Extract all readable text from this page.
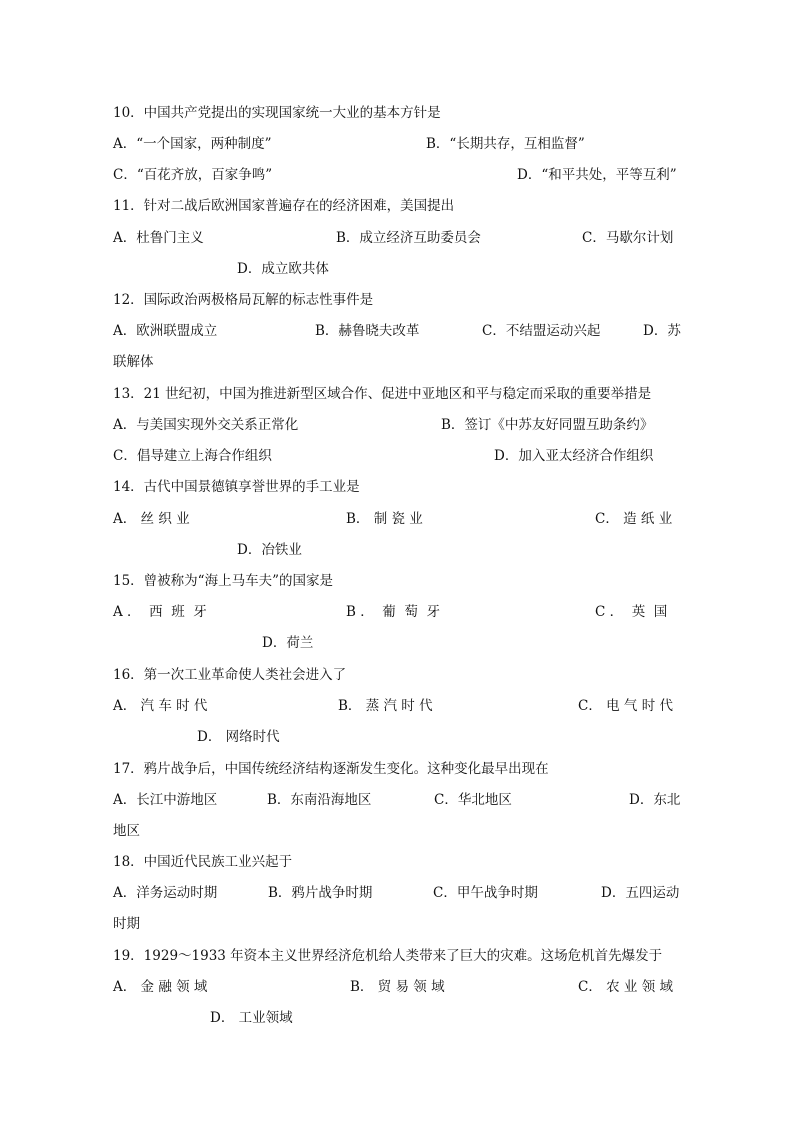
10．中国共产党提出的实现国家统一大业的基本方针是
A．“一个国家，两种制度”	B．“长期共存，互相监督”
C．“百花齐放，百家争鸣”	D．“和平共处，平等互利”
11．针对二战后欧洲国家普遍存在的经济困难，美国提出
A．杜鲁门主义	B．成立经济互助委员会	C．马歇尔计划
D．成立欧共体
12．国际政治两极格局瓦解的标志性事件是
A．欧洲联盟成立	B．赫鲁晓夫改革	C．不结盟运动兴起	D．苏
联解体
13．21 世纪初，中国为推进新型区域合作、促进中亚地区和平与稳定而采取的重要举措是
A．与美国实现外交关系正常化	B．签订《中苏友好同盟互助条约》
C．倡导建立上海合作组织	D．加入亚太经济合作组织
14．古代中国景德镇享誉世界的手工业是
A． 丝 织 业	B． 制 瓷 业	C． 造 纸 业
D．冶铁业
15．曾被称为“海上马车夫”的国家是
A ．  西  班  牙	B ．  葡  萄  牙	C ．  英  国
D．荷兰
16．第一次工业革命使人类社会进入了
A． 汽 车 时 代	B． 蒸 汽 时 代	C． 电 气 时 代
D． 网络时代
17．鸦片战争后，中国传统经济结构逐渐发生变化。这种变化最早出现在
A．长江中游地区	B．东南沿海地区	C．华北地区	D．东北
地区
18．中国近代民族工业兴起于
A．洋务运动时期	B．鸦片战争时期	C．甲午战争时期	D．五四运动
时期
19．1929～1933 年资本主义世界经济危机给人类带来了巨大的灾难。这场危机首先爆发于
A． 金 融 领 域	B． 贸 易 领 域	C． 农 业 领 域
D． 工业领域
